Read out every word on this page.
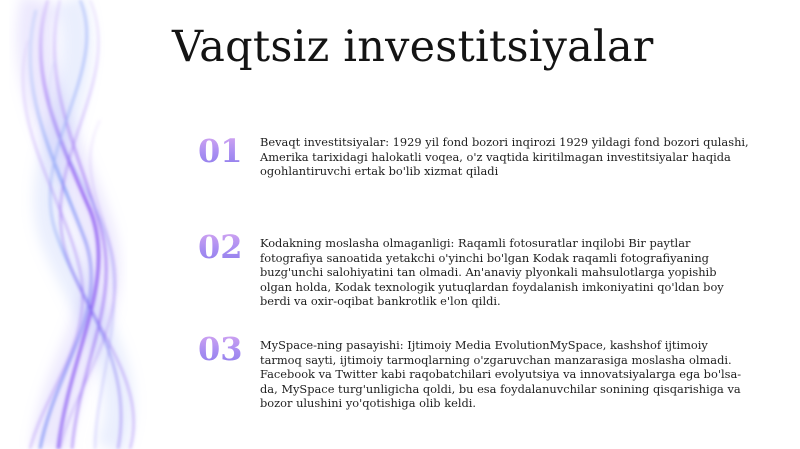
Vaqtsiz investitsiyalar
01 Bevaqt investitsiyalar: 1929 yil fond bozori inqirozi 1929 yildagi fond bozori qulashi, Amerika tarixidagi halokatli voqea, o'z vaqtida kiritilmagan investitsiyalar haqida ogohlantiruvchi ertak bo'lib xizmat qiladi
02 Kodakning moslasha olmaganligi: Raqamli fotosuratlar inqilobi Bir paytlar fotografiya sanoatida yetakchi o'yinchi bo'lgan Kodak raqamli fotografiyaning buzg'unchi salohiyatini tan olmadi. An'anaviy plyonkali mahsulotlarga yopishib olgan holda, Kodak texnologik yutuqlardan foydalanish imkoniyatini qo'ldan boy berdi va oxir-oqibat bankrotlik e'lon qildi.
03 MySpace-ning pasayishi: Ijtimoiy Media EvolutionMySpace, kashshof ijtimoiy tarmoq sayti, ijtimoiy tarmoqlarning o'zgaruvchan manzarasiga moslasha olmadi. Facebook va Twitter kabi raqobatchilari evolyutsiya va innovatsiyalarga ega bo'lsa-da, MySpace turg'unligicha qoldi, bu esa foydalanuvchilar sonining qisqarishiga va bozor ulushini yo'qotishiga olib keldi.
